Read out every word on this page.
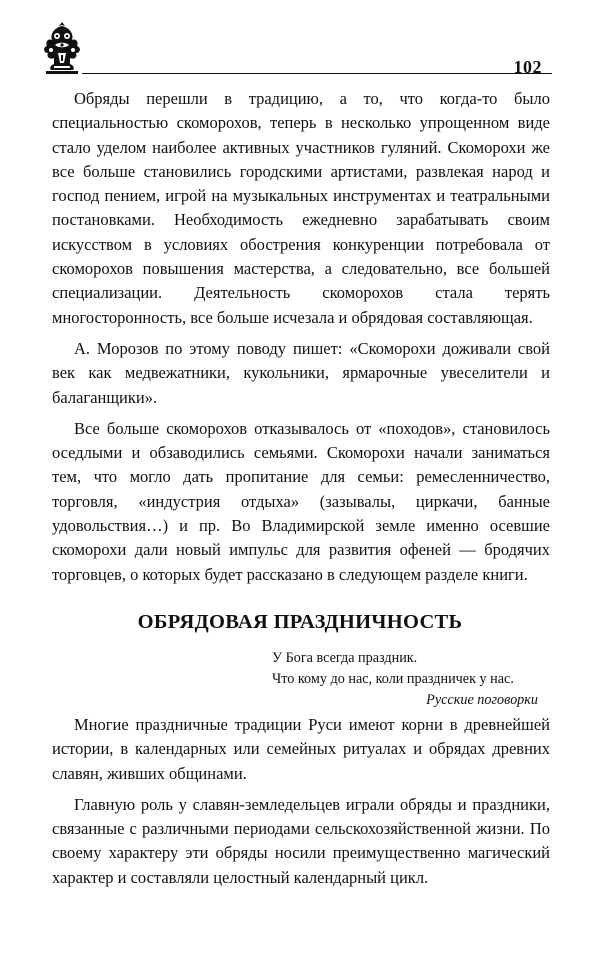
102

Обряды перешли в традицию, а то, что когда-то было специальностью скоморохов, теперь в несколько упрощенном виде стало уделом наиболее активных участников гуляний. Скоморохи же все больше становились городскими артистами, развлекая народ и господ пением, игрой на музыкальных инструментах и театральными постановками. Необходимость ежедневно зарабатывать своим искусством в условиях обострения конкуренции потребовала от скоморохов повышения мастерства, а следовательно, все большей специализации. Деятельность скоморохов стала терять многосторонность, все больше исчезала и обрядовая составляющая.

А. Морозов по этому поводу пишет: «Скоморохи доживали свой век как медвежатники, кукольники, ярмарочные увеселители и балаганщики».

Все больше скоморохов отказывалось от «походов», становилось оседлыми и обзаводились семьями. Скоморохи начали заниматься тем, что могло дать пропитание для семьи: ремесленничество, торговля, «индустрия отдыха» (зазывалы, циркачи, банные удовольствия…) и пр. Во Владимирской земле именно осевшие скоморохи дали новый импульс для развития офеней — бродячих торговцев, о которых будет рассказано в следующем разделе книги.

ОБРЯДОВАЯ ПРАЗДНИЧНОСТЬ
У Бога всегда праздник.
Что кому до нас, коли праздничек у нас.
Русские поговорки

Многие праздничные традиции Руси имеют корни в древнейшей истории, в календарных или семейных ритуалах и обрядах древних славян, живших общинами.

Главную роль у славян-земледельцев играли обряды и праздники, связанные с различными периодами сельскохозяйственной жизни. По своему характеру эти обряды носили преимущественно магический характер и составляли целостный календарный цикл.
